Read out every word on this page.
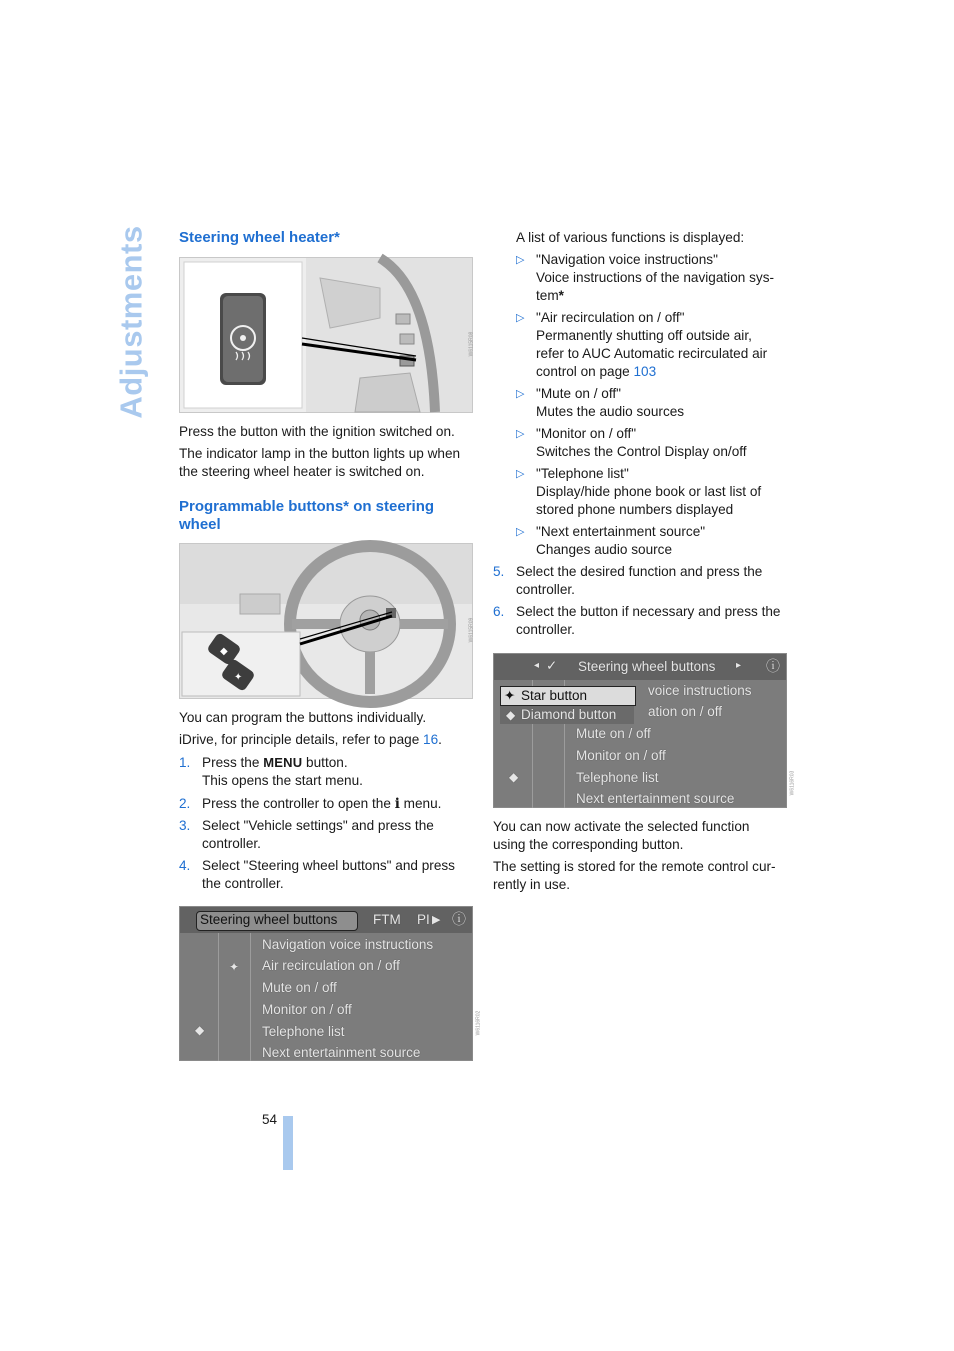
Adjustments Steering wheel heater*
W6115R08

Press the button with the ignition switched on.

The indicator lamp in the button lights up when

the steering wheel heater is switched on.

Programmable buttons* on steering
wheel
◆
✦
W6115R09

You can program the buttons individually.

iDrive, for principle details, refer to page 16.

1. Press the MENU button.
This opens the start menu.
2. Press the controller to open the i menu.
3. Select "Vehicle settings" and press the
controller.
4. Select "Steering wheel buttons" and press
the controller.
Steering wheel buttons	FTM PI ▶ ⓘ
✦
◆
Navigation voice instructions
Air recirculation on / off
Mute on / off
Monitor on / off
Telephone list
Next entertainment source
W6116R02

A list of various functions is displayed:

▷ "Navigation voice instructions"
Voice instructions of the navigation sys-
tem*
▷ "Air recirculation on / off"
Permanently shutting off outside air,
refer to AUC Automatic recirculated air
control on page 103
▷ "Mute on / off"
Mutes the audio sources
▷ "Monitor on / off"
Switches the Control Display on/off
▷ "Telephone list"
Display/hide phone book or last list of
stored phone numbers displayed
▷ "Next entertainment source"
Changes audio source
5. Select the desired function and press the
controller.
6. Select the button if necessary and press the
controller.
◂ ✓ Steering wheel buttons ▸ ⓘ
◆
✦ Star button
◆ Diamond button
voice instructions
ation on / off
Mute on / off
Monitor on / off
Telephone list
Next entertainment source

You can now activate the selected function

using the corresponding button.

The setting is stored for the remote control cur-

rently in use.

W6116R03
54
